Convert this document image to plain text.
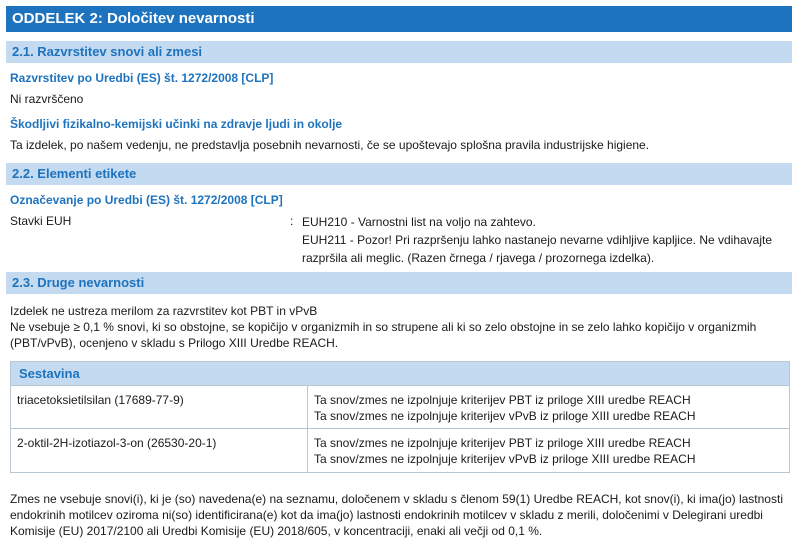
ODDELEK 2: Določitev nevarnosti
2.1. Razvrstitev snovi ali zmesi
Razvrstitev po Uredbi (ES) št. 1272/2008 [CLP]
Ni razvrščeno
Škodljivi fizikalno-kemijski učinki na zdravje ljudi in okolje
Ta izdelek, po našem vedenju, ne predstavlja posebnih nevarnosti, če se upoštevajo splošna pravila industrijske higiene.
2.2. Elementi etikete
Označevanje po Uredbi (ES) št. 1272/2008 [CLP]
Stavki EUH	: EUH210 - Varnostni list na voljo na zahtevo.
EUH211 - Pozor! Pri razpršenju lahko nastanejo nevarne vdihljive kapljice. Ne vdihavajte
razpršila ali meglic. (Razen črnega / rjavega / prozornega izdelka).
2.3. Druge nevarnosti
Izdelek ne ustreza merilom za razvrstitev kot PBT in vPvB
Ne vsebuje ≥ 0,1 % snovi, ki so obstojne, se kopičijo v organizmih in so strupene ali ki so zelo obstojne in se zelo lahko kopičijo v organizmih
(PBT/vPvB), ocenjeno v skladu s Prilogo XIII Uredbe REACH.
Sestavina
triacetoksietilsilan (17689-77-9)	Ta snov/zmes ne izpolnjuje kriterijev PBT iz priloge XIII uredbe REACH
Ta snov/zmes ne izpolnjuje kriterijev vPvB iz priloge XIII uredbe REACH
2-oktil-2H-izotiazol-3-on (26530-20-1)	Ta snov/zmes ne izpolnjuje kriterijev PBT iz priloge XIII uredbe REACH
Ta snov/zmes ne izpolnjuje kriterijev vPvB iz priloge XIII uredbe REACH
Zmes ne vsebuje snovi(i), ki je (so) navedena(e) na seznamu, določenem v skladu s členom 59(1) Uredbe REACH, kot snov(i), ki ima(jo) lastnosti
endokrinih motilcev oziroma ni(so) identificirana(e) kot da ima(jo) lastnosti endokrinih motilcev v skladu z merili, določenimi v Delegirani uredbi
Komisije (EU) 2017/2100 ali Uredbi Komisije (EU) 2018/605, v koncentraciji, enaki ali večji od 0,1 %.
